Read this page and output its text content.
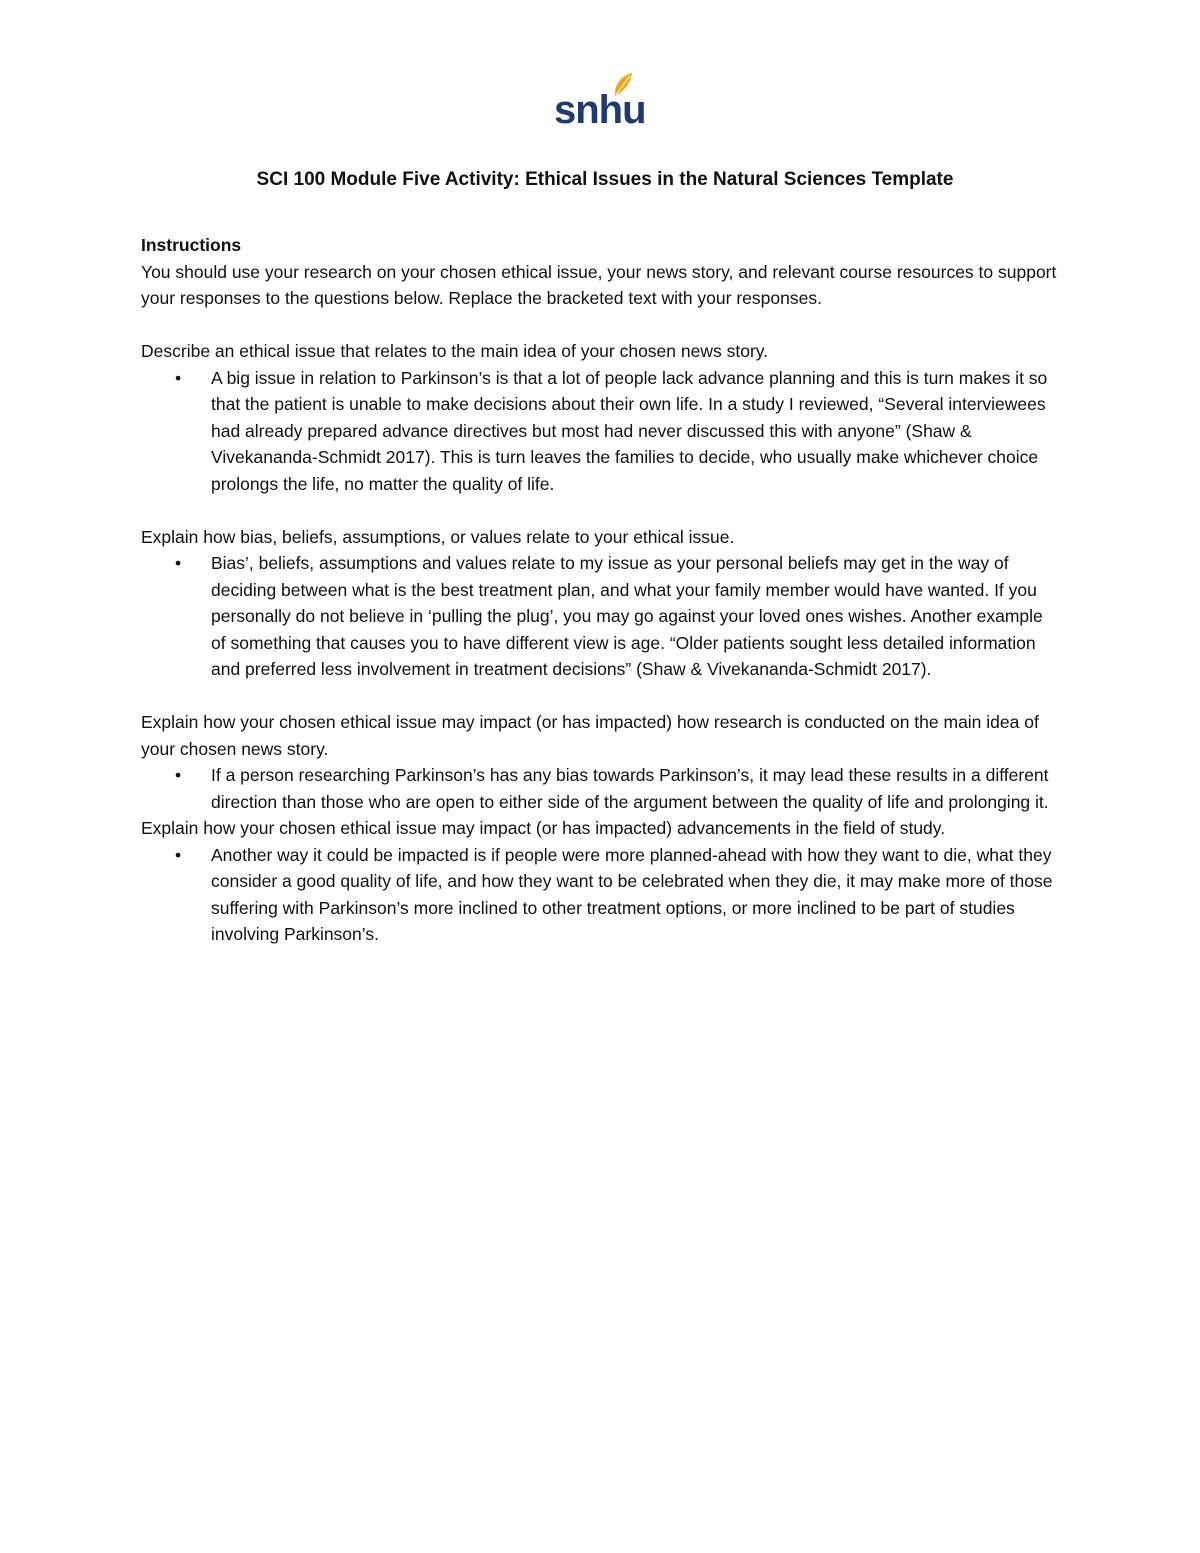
snhu
SCI 100 Module Five Activity: Ethical Issues in the Natural Sciences Template

Instructions

You should use your research on your chosen ethical issue, your news story, and relevant course resources to support your responses to the questions below. Replace the bracketed text with your responses.

Describe an ethical issue that relates to the main idea of your chosen news story.

• A big issue in relation to Parkinson’s is that a lot of people lack advance planning and this is turn makes it so that the patient is unable to make decisions about their own life. In a study I reviewed, “Several interviewees had already prepared advance directives but most had never discussed this with anyone” (Shaw & Vivekananda-Schmidt 2017). This is turn leaves the families to decide, who usually make whichever choice prolongs the life, no matter the quality of life.

Explain how bias, beliefs, assumptions, or values relate to your ethical issue.

• Bias’, beliefs, assumptions and values relate to my issue as your personal beliefs may get in the way of deciding between what is the best treatment plan, and what your family member would have wanted. If you personally do not believe in ‘pulling the plug’, you may go against your loved ones wishes. Another example of something that causes you to have different view is age. “Older patients sought less detailed information and preferred less involvement in treatment decisions” (Shaw & Vivekananda-Schmidt 2017).

Explain how your chosen ethical issue may impact (or has impacted) how research is conducted on the main idea of your chosen news story.

• If a person researching Parkinson’s has any bias towards Parkinson’s, it may lead these results in a different direction than those who are open to either side of the argument between the quality of life and prolonging it.

Explain how your chosen ethical issue may impact (or has impacted) advancements in the field of study.

• Another way it could be impacted is if people were more planned-ahead with how they want to die, what they consider a good quality of life, and how they want to be celebrated when they die, it may make more of those suffering with Parkinson’s more inclined to other treatment options, or more inclined to be part of studies involving Parkinson’s.
